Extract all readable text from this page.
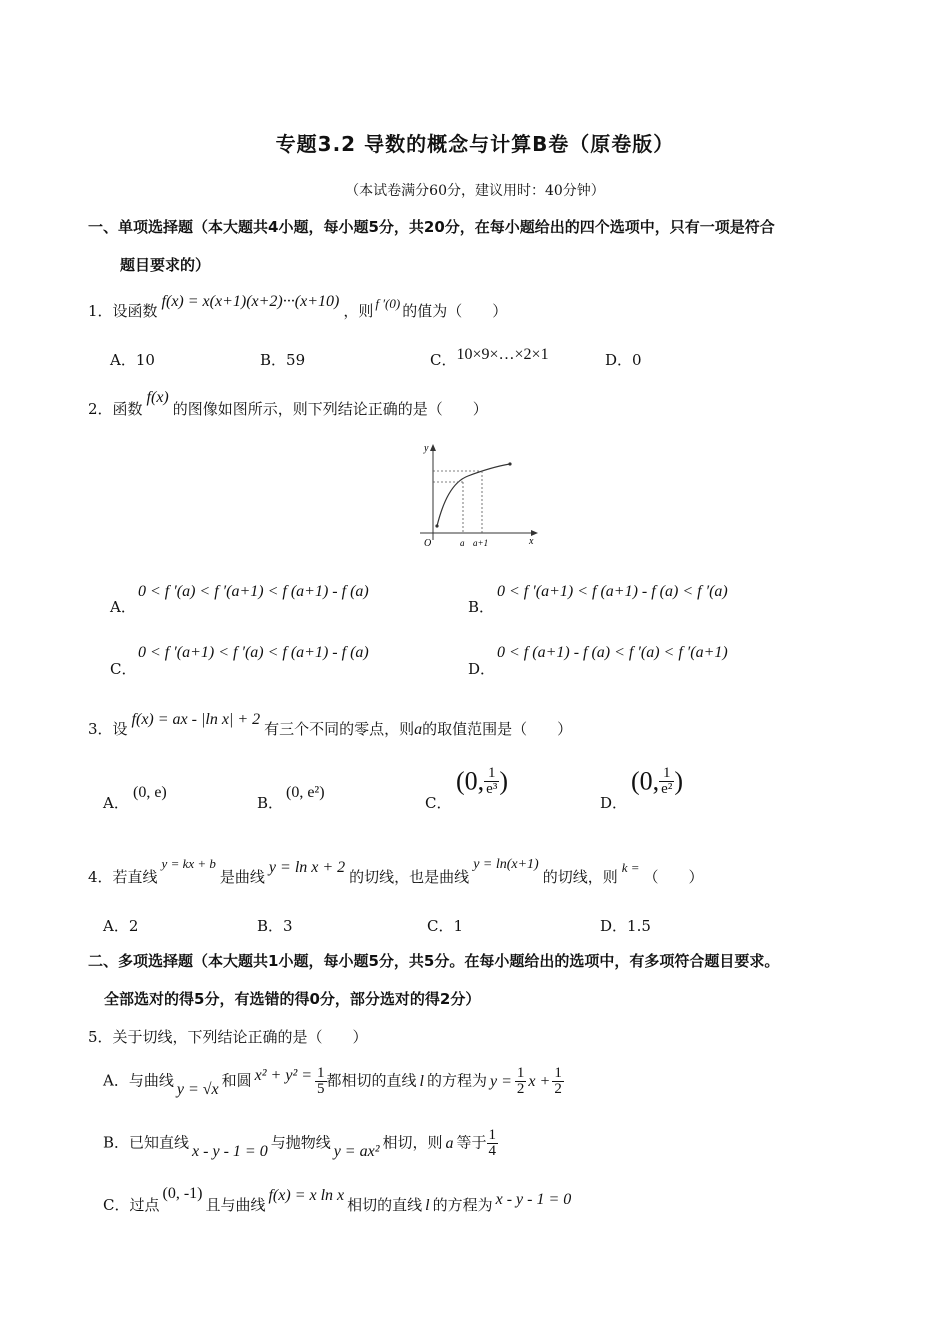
专题3.2 导数的概念与计算B卷（原卷版）
（本试卷满分60分，建议用时：40分钟）
一、单项选择题（本大题共4小题，每小题5分，共20分，在每小题给出的四个选项中，只有一项是符合
题目要求的）
1．设函数f(x) = x(x+1)(x+2)···(x+10)，则 f ′(0) 的值为（　　）
A．10	B．59	C．10×9×…×2×1	D．0
2．函数f(x)的图像如图所示，则下列结论正确的是（　　）
y
x
O	a a+1
A．
0 < f ′(a) < f ′(a+1) < f (a+1) - f (a)
B．
0 < f ′(a+1) < f (a+1) - f (a) < f ′(a)
C．
0 < f ′(a+1) < f ′(a) < f (a+1) - f (a)
D．
0 < f (a+1) - f (a) < f ′(a) < f ′(a+1)
3．设f(x) = ax - |ln x| + 2有三个不同的零点，则a的取值范围是（　　）
A．
(0, e)
B．
(0, e²)
C．
(0, $\frac{1}{\text{e³}}$ )
D．
(0, $\frac{1}{\text{e²}}$ )
4．若直线y = kx + b是曲线y = ln x + 2的切线，也是曲线y = ln(x+1)的切线，则k =（　　）
A．2	B．3	C．1	D．1.5
二、多项选择题（本大题共1小题，每小题5分，共5分。在每小题给出的选项中，有多项符合题目要求。
全部选对的得5分，有选错的得0分，部分选对的得2分）
5．关于切线，下列结论正确的是（　　）
A．与曲线 y = √x 和圆 $x^2 + y^2 = \frac{1}{5}$ 都相切的直线 l 的方程为 $y = \frac{1}{2}$ $x + \frac{1}{2}$
B．已知直线 x - y - 1 = 0 与抛物线 y = ax² 相切，则 a 等于 $\frac{1}{4}$
C．过点(0, -1)且与曲线f(x) = x ln x相切的直线 l 的方程为 x - y - 1 = 0
